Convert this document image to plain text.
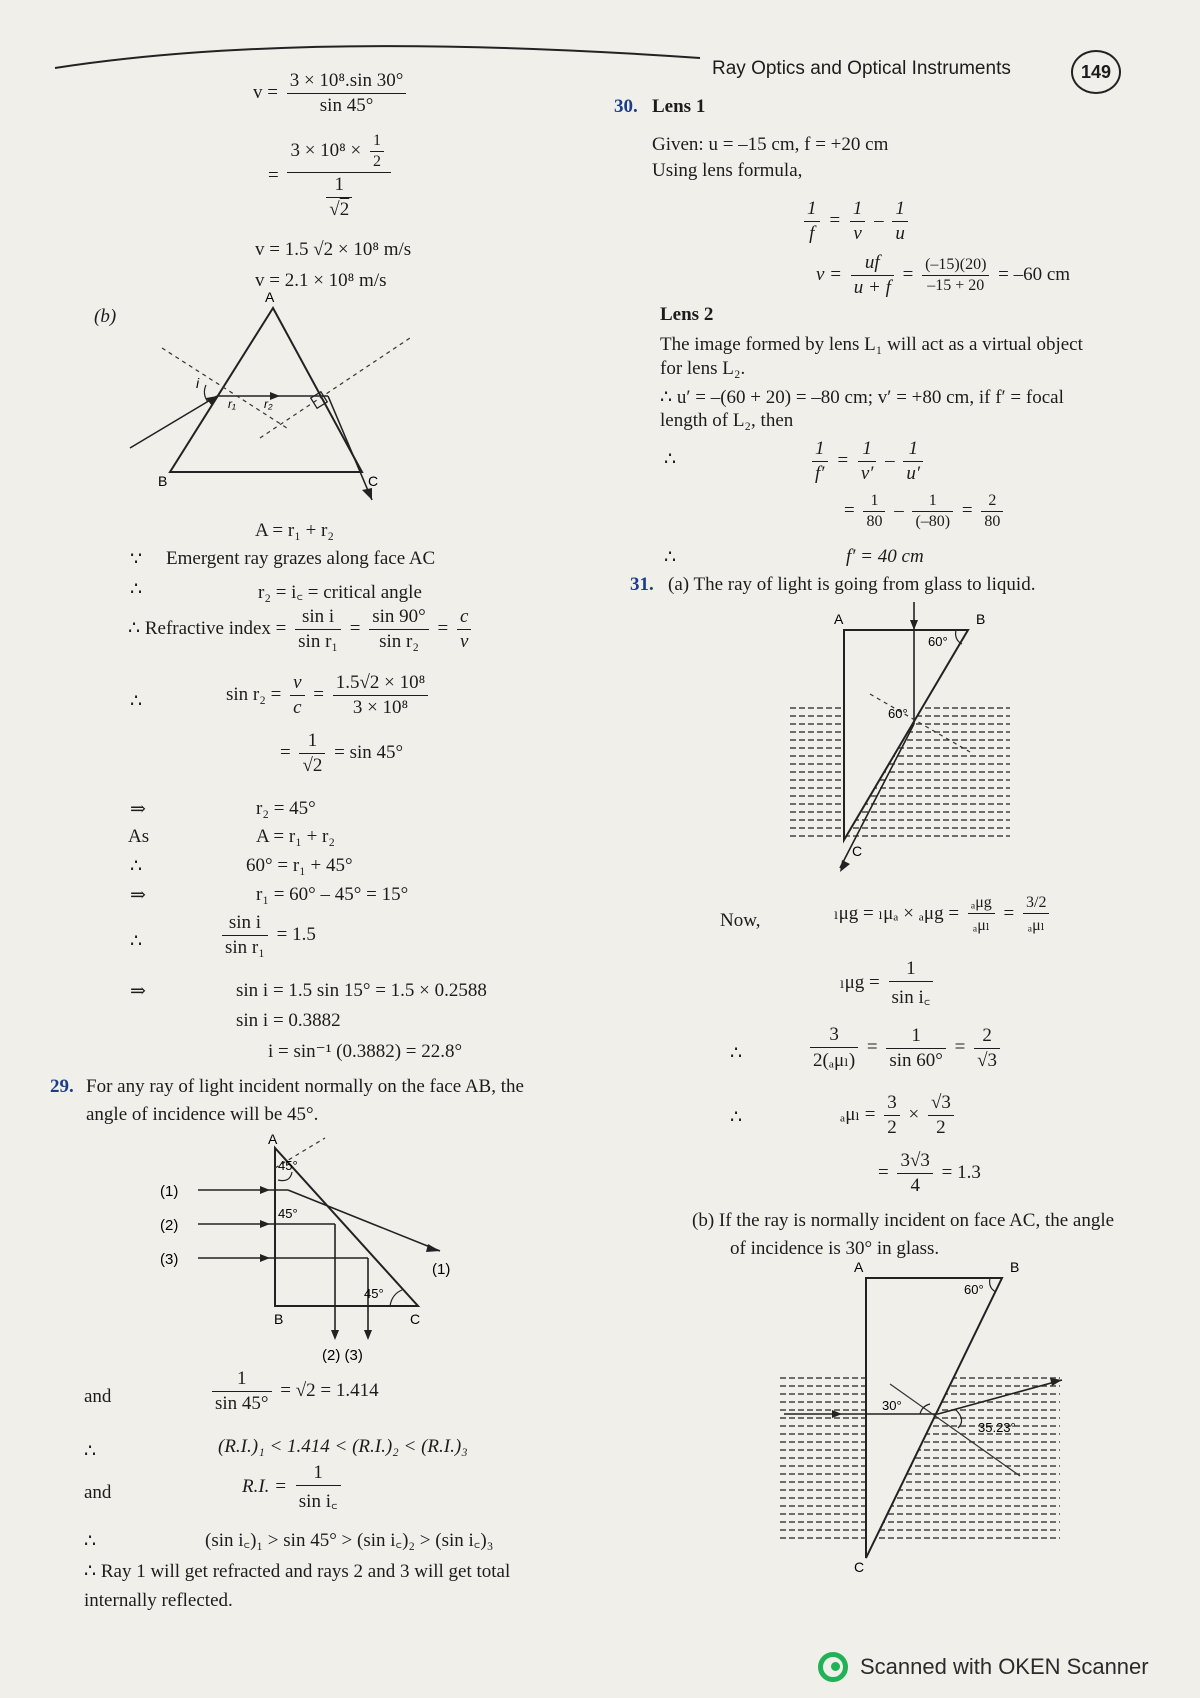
Ray Optics and Optical Instruments	149
$v = \frac{\text{3 × 10⁸.sin 30°}}{\sin 45^\circ}$
= $\frac{3 \times 10^8 \times \frac{1}{2}}{\frac{1}{√2}}$
v = 1.5 √2 × 10⁸ m/s
v = 2.1 × 10⁸ m/s
(b)
A
B	C
i
r₁ r₂
A = r₁ + r₂
∵ Emergent ray grazes along face AC
∴	r₂ = i꜀ = critical angle
∴ Refractive index = $\frac{\text{sin i}}{\text{sin r₁}} = \frac{\sin 90^\circ}{\text{sin r₂}} = \frac{c}{v}$
∴	$\sin r_2 = \frac{v}{c} = \frac{\text{1.5√2 × 10⁸}}{\text{3 × 10⁸}}$
= $\frac{1}{√2} = \sin 45^\circ$
⇒	r₂ = 45°
As	A = r₁ + r₂
∴	60° = r₁ + 45°
⇒	r₁ = 60° – 45° = 15°
∴	$\frac{\text{sin i}}{\text{sin r₁}} = 1.5$
⇒	sin i = 1.5 sin 15° = 1.5 × 0.2588
sin i = 0.3882
i = sin⁻¹ (0.3882) = 22.8°
29. For any ray of light incident normally on the face AB, the
angle of incidence will be 45°.
A
B	C
(1)
(2)
(3)
(1)
(2) (3)
45°
45°
45°
and	$\frac{1}{\sin 45^\circ} = √2 = 1.414$
∴	(R.I.)₁ < 1.414 < (R.I.)₂ < (R.I.)₃
and	R.I. = $\frac{1}{\text{sin i꜀}}$
∴	(sin i꜀)₁ > sin 45° > (sin i꜀)₂ > (sin i꜀)₃
∴ Ray 1 will get refracted and rays 2 and 3 will get total
internally reflected.
30. Lens 1
Given: u = –15 cm, f = +20 cm
Using lens formula,
$\frac{1}{f} = \frac{1}{v} - \frac{1}{u}$
$v = \frac{uf}{u + f} = \frac{(-15)(20)}{-15 + 20} = -60$ cm
Lens 2
The image formed by lens L₁ will act as a virtual object
for lens L₂.
∴ u′ = –(60 + 20) = –80 cm; v′ = +80 cm, if f′ = focal
length of L₂, then
∴	$\frac{1}{f'} = \frac{1}{v'} - \frac{1}{u'}$
= $\frac{1}{80} - \frac{1}{(-80)} = \frac{2}{80}$
∴	f′ = 40 cm
31. (a) The ray of light is going from glass to liquid.
A	B
C
60°
60°
Now,	$_l\mu g = _l\mu_a \times _a\mu g = \frac{\text{ₐμg}}{\text{ₐμₗ}} = \frac{3/2}{\text{ₐμₗ}}$
$_l\mu g = \frac{1}{\text{sin i꜀}}$
∴	$\frac{3}{\text{2(ₐμₗ)}} = \frac{1}{\sin 60^\circ} = \frac{2}{√3}$
∴	$_a\mu_l = \frac{3}{2} \times \frac{√3}{2}$
= $\frac{3√3}{4} = 1.3$
(b) If the ray is normally incident on face AC, the angle
of incidence is 30° in glass.
A	B
C
60°
30°
35.23°
Scanned with OKEN Scanner
